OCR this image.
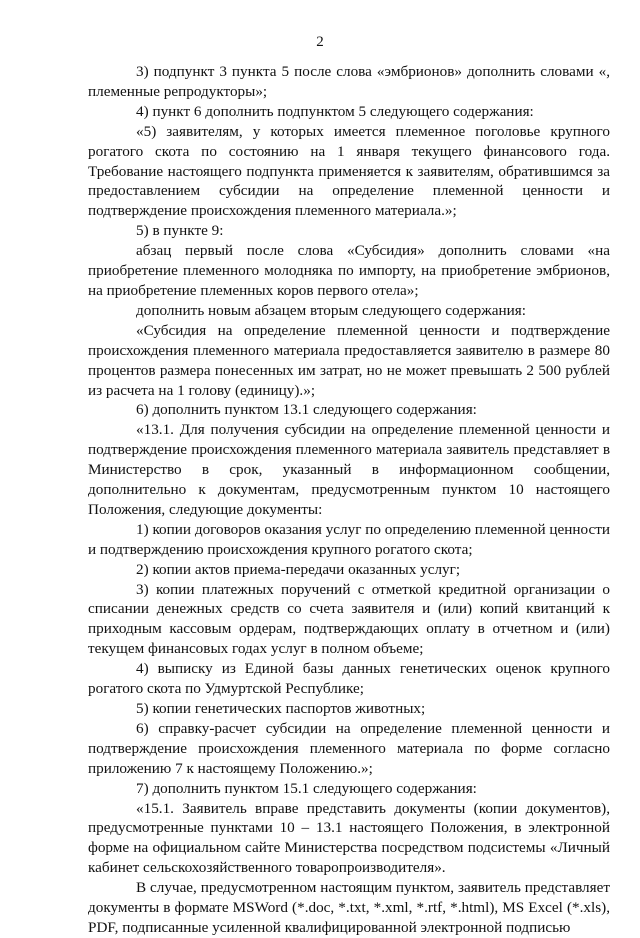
2

3) подпункт 3 пункта 5 после слова «эмбрионов» дополнить словами «, племенные репродукторы»;

4) пункт 6 дополнить подпунктом 5 следующего содержания:

«5) заявителям, у которых имеется племенное поголовье крупного рогатого скота по состоянию на 1 января текущего финансового года. Требование настоящего подпункта применяется к заявителям, обратившимся за предоставлением субсидии на определение племенной ценности и подтверждение происхождения племенного материала.»;

5) в пункте 9:

абзац первый после слова «Субсидия» дополнить словами «на приобретение племенного молодняка по импорту, на приобретение эмбрионов, на приобретение племенных коров первого отела»;

дополнить новым абзацем вторым следующего содержания:

«Субсидия на определение племенной ценности и подтверждение происхождения племенного материала предоставляется заявителю в размере 80 процентов размера понесенных им затрат, но не может превышать 2 500 рублей из расчета на 1 голову (единицу).»;

6) дополнить пунктом 13.1 следующего содержания:

«13.1. Для получения субсидии на определение племенной ценности и подтверждение происхождения племенного материала заявитель представляет в Министерство в срок, указанный в информационном сообщении, дополнительно к документам, предусмотренным пунктом 10 настоящего Положения, следующие документы:

1) копии договоров оказания услуг по определению племенной ценности и подтверждению происхождения крупного рогатого скота;

2) копии актов приема-передачи оказанных услуг;

3) копии платежных поручений с отметкой кредитной организации о списании денежных средств со счета заявителя и (или) копий квитанций к приходным кассовым ордерам, подтверждающих оплату в отчетном и (или) текущем финансовых годах услуг в полном объеме;

4) выписку из Единой базы данных генетических оценок крупного рогатого скота по Удмуртской Республике;

5) копии генетических паспортов животных;

6) справку-расчет субсидии на определение племенной ценности и подтверждение происхождения племенного материала по форме согласно приложению 7 к настоящему Положению.»;

7) дополнить пунктом 15.1 следующего содержания:

«15.1. Заявитель вправе представить документы (копии документов), предусмотренные пунктами 10 – 13.1 настоящего Положения, в электронной форме на официальном сайте Министерства посредством подсистемы «Личный кабинет сельскохозяйственного товаропроизводителя».

В случае, предусмотренном настоящим пунктом, заявитель представляет документы в формате MSWord (*.doc, *.txt, *.xml, *.rtf, *.html), MS Excel (*.xls), PDF, подписанные усиленной квалифицированной электронной подписью
